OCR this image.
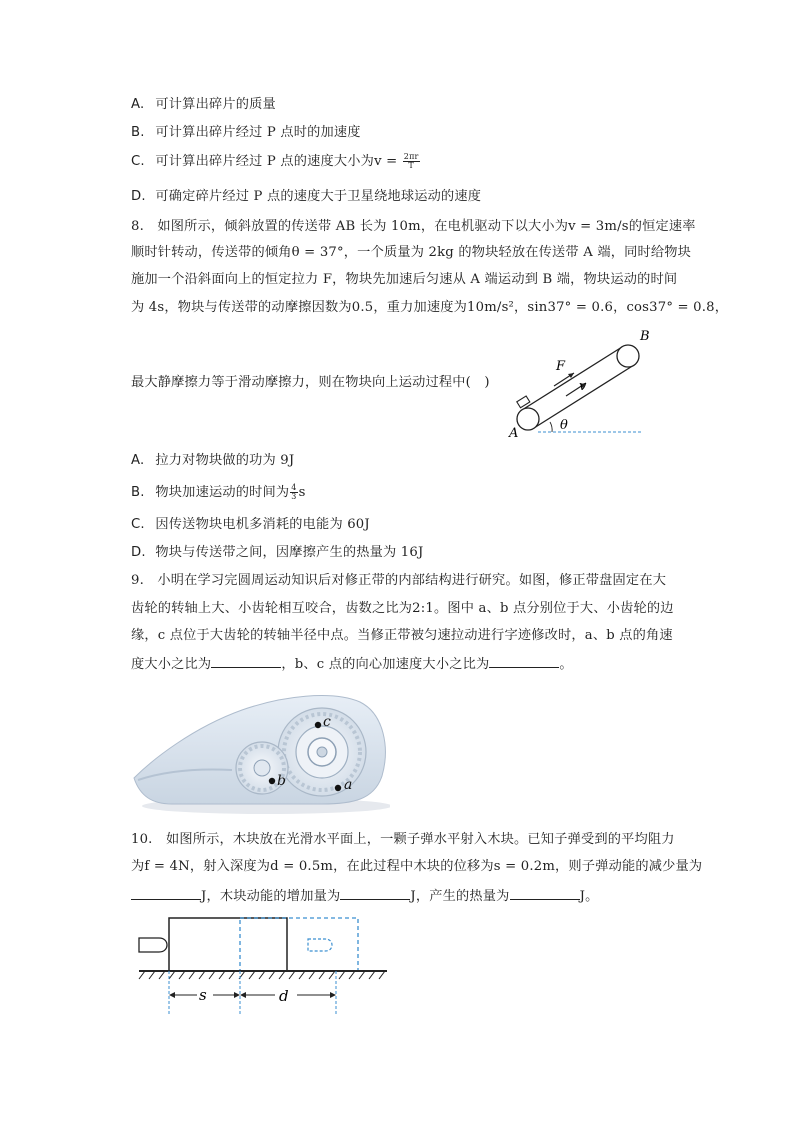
A. 可计算出碎片的质量
B. 可计算出碎片经过 P 点时的加速度
C. 可计算出碎片经过 P 点的速度大小为$v = \frac{2\pi r}{T}$
D. 可确定碎片经过 P 点的速度大于卫星绕地球运动的速度
8.　如图所示，倾斜放置的传送带 AB 长为 10m，在电机驱动下以大小为v = 3m/s的恒定速率
顺时针转动，传送带的倾角θ = 37°，一个质量为 2kg 的物块轻放在传送带 A 端，同时给物块
施加一个沿斜面向上的恒定拉力 F，物块先加速后匀速从 A 端运动到 B 端，物块运动的时间
为 4s，物块与传送带的动摩擦因数为0.5，重力加速度为10m/s²，sin37° = 0.6，cos37° = 0.8，
最大静摩擦力等于滑动摩擦力，则在物块向上运动过程中(　)
A
B
F
v
θ
A. 拉力对物块做的功为 9J
B. 物块加速运动的时间为 $\frac{4}{3}$ s
C. 因传送物块电机多消耗的电能为 60J
D. 物块与传送带之间，因摩擦产生的热量为 16J
9.　小明在学习完圆周运动知识后对修正带的内部结构进行研究。如图，修正带盘固定在大
齿轮的转轴上大、小齿轮相互咬合，齿数之比为2:1。图中 a、b 点分别位于大、小齿轮的边
缘，c 点位于大齿轮的转轴半径中点。当修正带被匀速拉动进行字迹修改时，a、b 点的角速
度大小之比为	，b、c 点的向心加速度大小之比为	。
c
b	a
10.　如图所示，木块放在光滑水平面上，一颗子弹水平射入木块。已知子弹受到的平均阻力
为f = 4N，射入深度为d = 0.5m，在此过程中木块的位移为s = 0.2m，则子弹动能的减少量为
J，木块动能的增加量为	J，产生的热量为	J。
s	d
